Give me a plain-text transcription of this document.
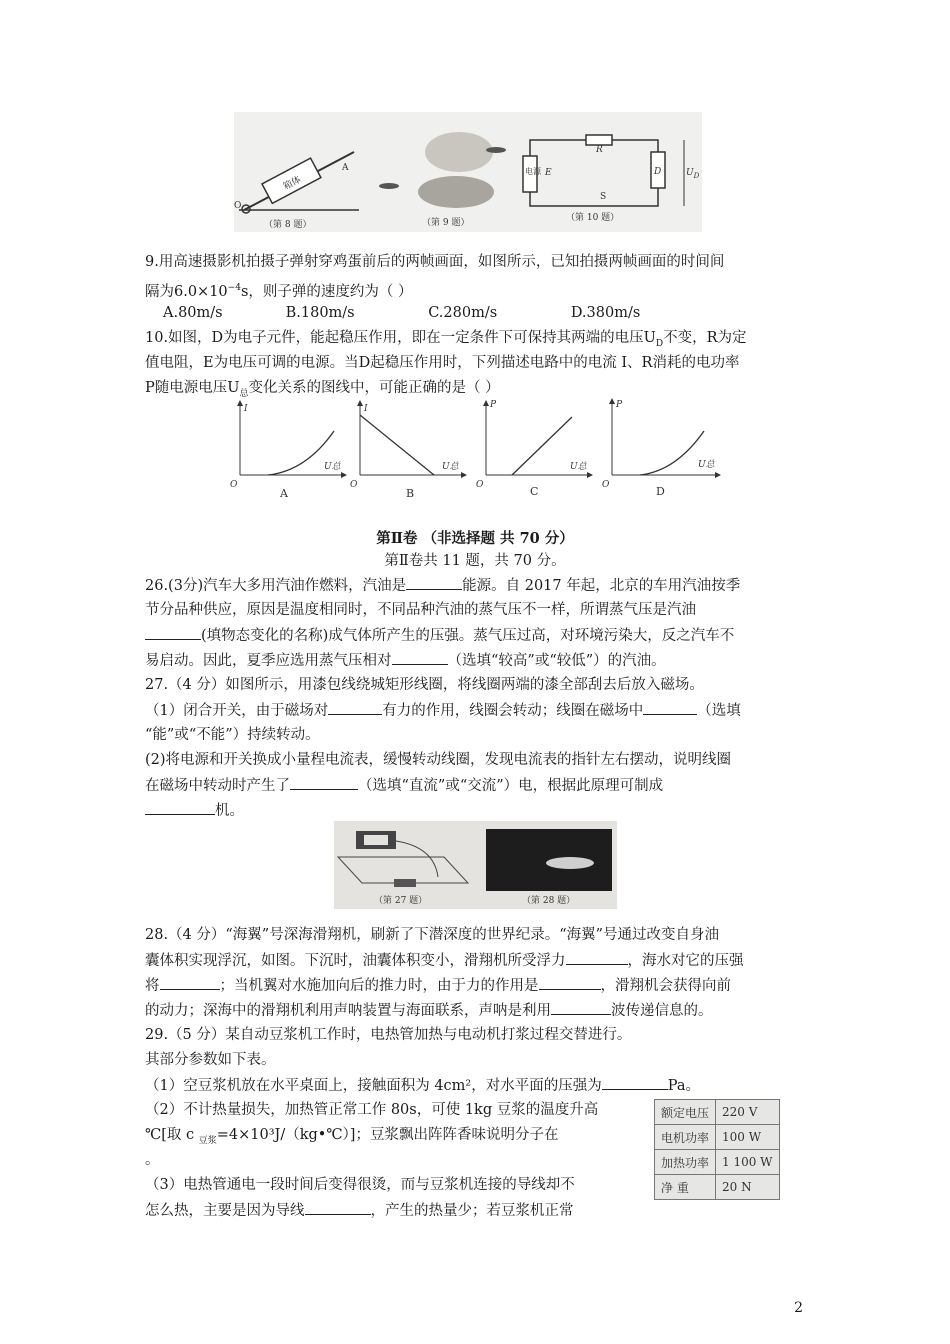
箱体
A
O
（第 8 题）	（第 9 题）
R
电源 E	D	$U_D$
S
（第 10 题）
9.用高速摄影机拍摄子弹射穿鸡蛋前后的两帧画面，如图所示，已知拍摄两帧画面的时间间
隔为$6.0\times 10^{-4}s$，则子弹的速度约为（ ）
A.80m/s	B.180m/s	C.280m/s	D.380m/s
10.如图，D为电子元件，能起稳压作用，即在一定条件下可保持其两端的电压$U_D$不变，R为定
值电阻，E为电压可调的电源。当D起稳压作用时，下列描述电路中的电流 I、R消耗的电功率
P随电源电压$U_总$变化关系的图线中，可能正确的是（ ）
I
U总
O
A
I
U总
O
B
P
U总
O	C
P
U总
O	D
第Ⅱ卷 （非选择题 共 70 分）
第Ⅱ卷共 11 题，共 70 分。
26.(3分)汽车大多用汽油作燃料，汽油是	能源。自 2017 年起，北京的车用汽油按季
节分品种供应，原因是温度相同时，不同品种汽油的蒸气压不一样，所谓蒸气压是汽油
(填物态变化的名称)成气体所产生的压强。蒸气压过高，对环境污染大，反之汽车不
易启动。因此，夏季应选用蒸气压相对	（选填“较高”或“较低”）的汽油。
27.（4 分）如图所示，用漆包线绕城矩形线圈，将线圈两端的漆全部刮去后放入磁场。
（1）闭合开关，由于磁场对	有力的作用，线圈会转动；线圈在磁场中	（选填
“能”或“不能”）持续转动。
(2)将电源和开关换成小量程电流表，缓慢转动线圈，发现电流表的指针左右摆动，说明线圈
在磁场中转动时产生了	（选填“直流”或“交流”）电，根据此原理可制成
机。
（第 27 题）	（第 28 题）
28.（4 分）“海翼”号深海滑翔机，刷新了下潜深度的世界纪录。“海翼”号通过改变自身油
囊体积实现浮沉，如图。下沉时，油囊体积变小，滑翔机所受浮力	，海水对它的压强
将	；当机翼对水施加向后的推力时，由于力的作用是	，滑翔机会获得向前
的动力；深海中的滑翔机利用声呐装置与海面联系，声呐是利用	波传递信息的。
29.（5 分）某自动豆浆机工作时，电热管加热与电动机打浆过程交替进行。
其部分参数如下表。
（1）空豆浆机放在水平桌面上，接触面积为 4cm²，对水平面的压强为	Pa。
（2）不计热量损失，加热管正常工作 80s，可使 1kg 豆浆的温度升高
℃[取 c $_{豆浆}$=4×10³J/（kg•℃）]；豆浆飘出阵阵香味说明分子在
。
（3）电热管通电一段时间后变得很烫，而与豆浆机连接的导线却不
怎么热，主要是因为导线	，产生的热量少；若豆浆机正常
额定电压	220 V
电机功率	100 W
加热功率	1 100 W
净 重	20 N
2
